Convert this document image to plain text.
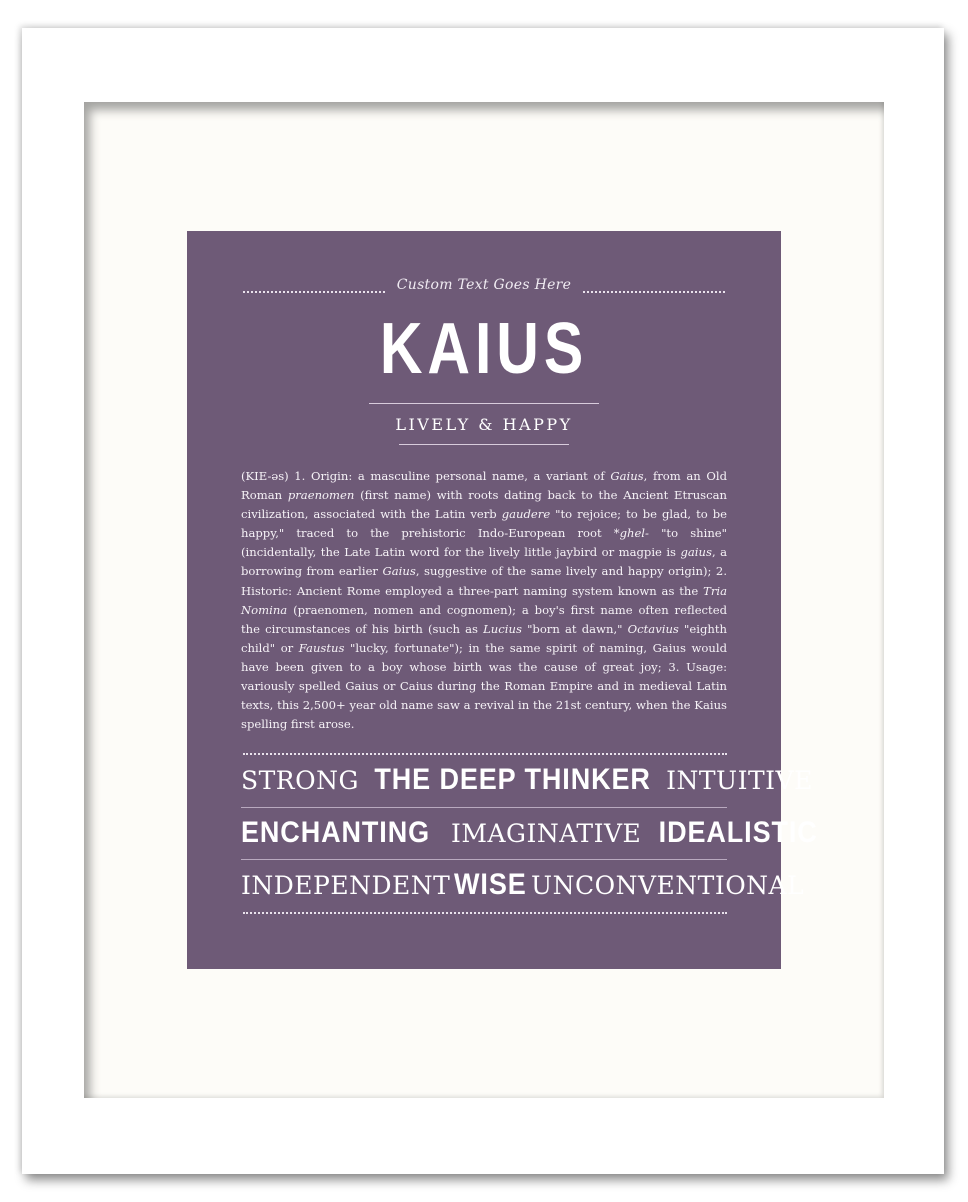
Custom Text Goes Here
KAIUS
LIVELY & HAPPY
(KIE-əs) 1. Origin: a masculine personal name, a variant of Gaius, from an Old Roman praenomen (first name) with roots dating back to the Ancient Etruscan civilization, associated with the Latin verb gaudere "to rejoice; to be glad, to be happy," traced to the prehistoric Indo-European root *ghel- "to shine" (incidentally, the Late Latin word for the lively little jaybird or magpie is gaius, a borrowing from earlier Gaius, suggestive of the same lively and happy origin); 2. Historic: Ancient Rome employed a three-part naming system known as the Tria Nomina (praenomen, nomen and cognomen); a boy's first name often reflected the circumstances of his birth (such as Lucius "born at dawn," Octavius "eighth child" or Faustus "lucky, fortunate"); in the same spirit of naming, Gaius would have been given to a boy whose birth was the cause of great joy; 3. Usage: variously spelled Gaius or Caius during the Roman Empire and in medieval Latin texts, this 2,500+ year old name saw a revival in the 21st century, when the Kaius spelling first arose.
STRONG THE DEEP THINKER INTUITIVE
ENCHANTING IMAGINATIVE IDEALISTIC
INDEPENDENT WISE UNCONVENTIONAL
